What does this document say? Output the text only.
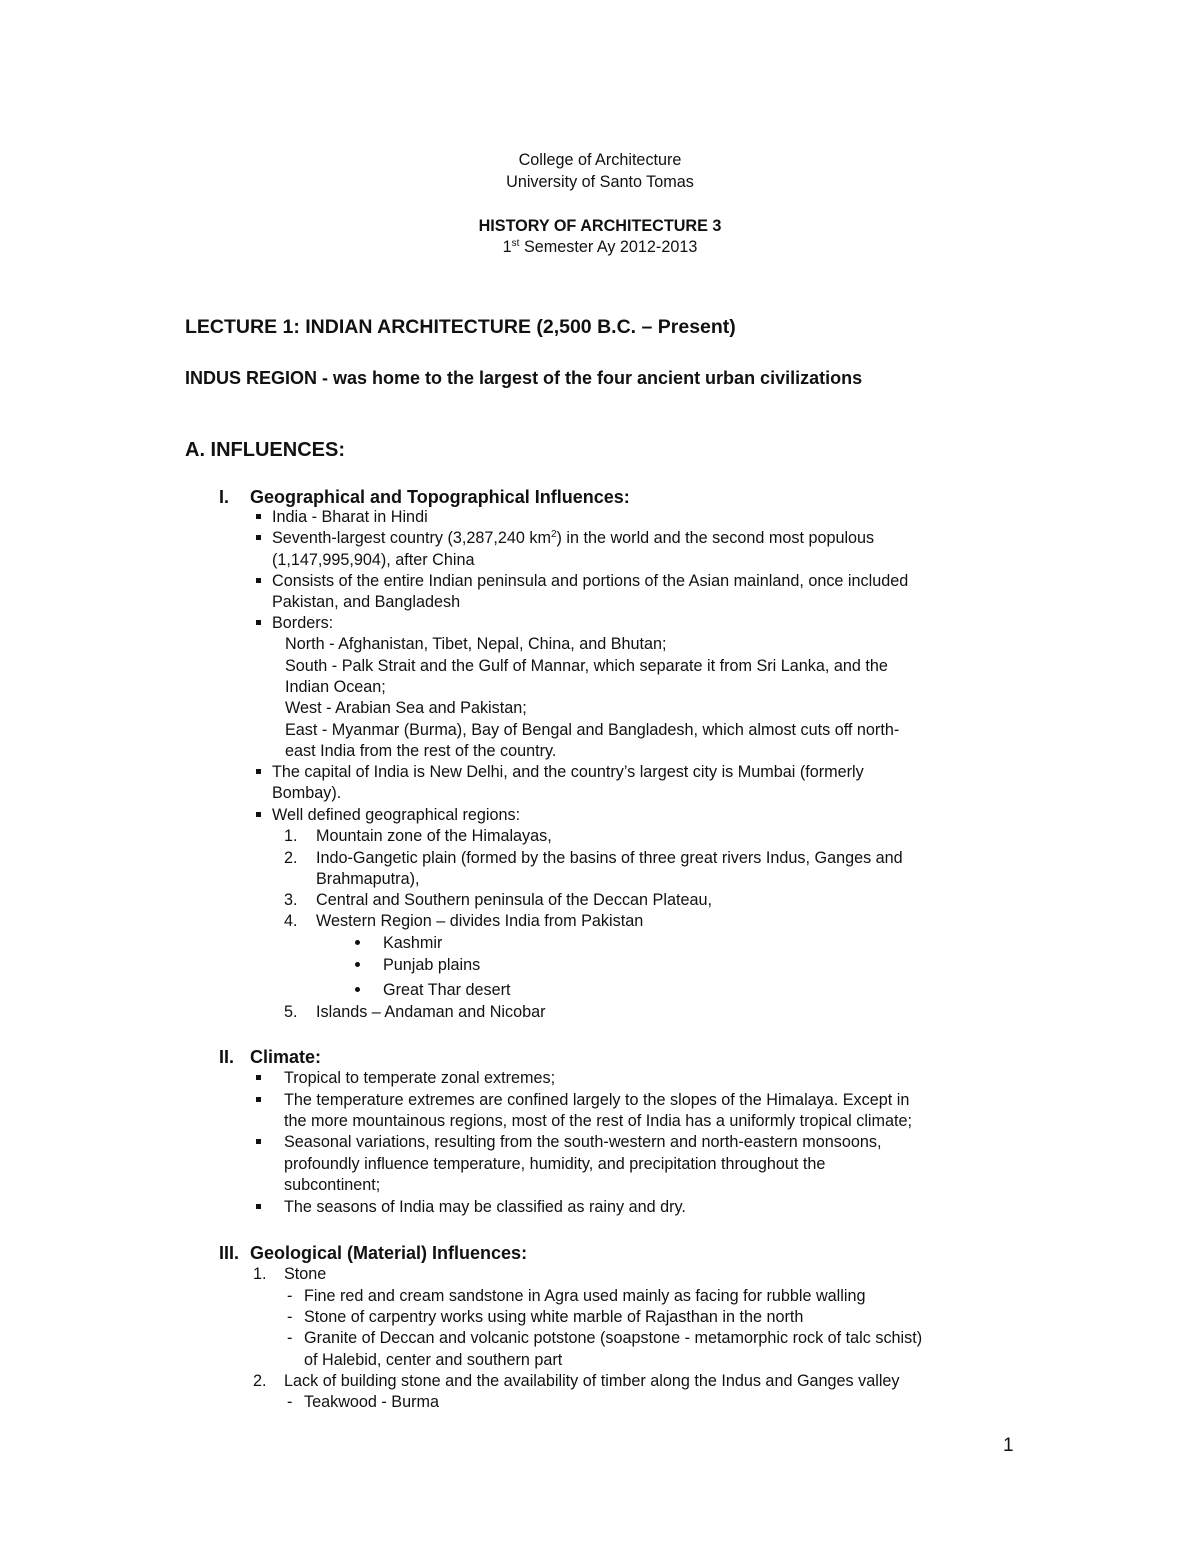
College of Architecture
University of Santo Tomas
HISTORY OF ARCHITECTURE 3
1st Semester Ay 2012-2013
LECTURE 1: INDIAN ARCHITECTURE (2,500 B.C. – Present)
INDUS REGION - was home to the largest of the four ancient urban civilizations
A. INFLUENCES:
I. Geographical and Topographical Influences:
India - Bharat in Hindi
Seventh-largest country (3,287,240 $km^2$) in the world and the second most populous
(1,147,995,904), after China
Consists of the entire Indian peninsula and portions of the Asian mainland, once included
Pakistan, and Bangladesh
Borders:
North - Afghanistan, Tibet, Nepal, China, and Bhutan;
South - Palk Strait and the Gulf of Mannar, which separate it from Sri Lanka, and the
Indian Ocean;
West - Arabian Sea and Pakistan;
East - Myanmar (Burma), Bay of Bengal and Bangladesh, which almost cuts off north-
east India from the rest of the country.
The capital of India is New Delhi, and the country’s largest city is Mumbai (formerly
Bombay).
Well defined geographical regions:
1. Mountain zone of the Himalayas,
2. Indo-Gangetic plain (formed by the basins of three great rivers Indus, Ganges and
Brahmaputra),
3. Central and Southern peninsula of the Deccan Plateau,
4. Western Region – divides India from Pakistan
Kashmir
Punjab plains
Great Thar desert
5. Islands – Andaman and Nicobar
II. Climate:
Tropical to temperate zonal extremes;
The temperature extremes are confined largely to the slopes of the Himalaya. Except in
the more mountainous regions, most of the rest of India has a uniformly tropical climate;
Seasonal variations, resulting from the south-western and north-eastern monsoons,
profoundly influence temperature, humidity, and precipitation throughout the
subcontinent;
The seasons of India may be classified as rainy and dry.
III. Geological (Material) Influences:
1. Stone
- Fine red and cream sandstone in Agra used mainly as facing for rubble walling
- Stone of carpentry works using white marble of Rajasthan in the north
- Granite of Deccan and volcanic potstone (soapstone - metamorphic rock of talc schist)
of Halebid, center and southern part
2. Lack of building stone and the availability of timber along the Indus and Ganges valley
- Teakwood - Burma
1
